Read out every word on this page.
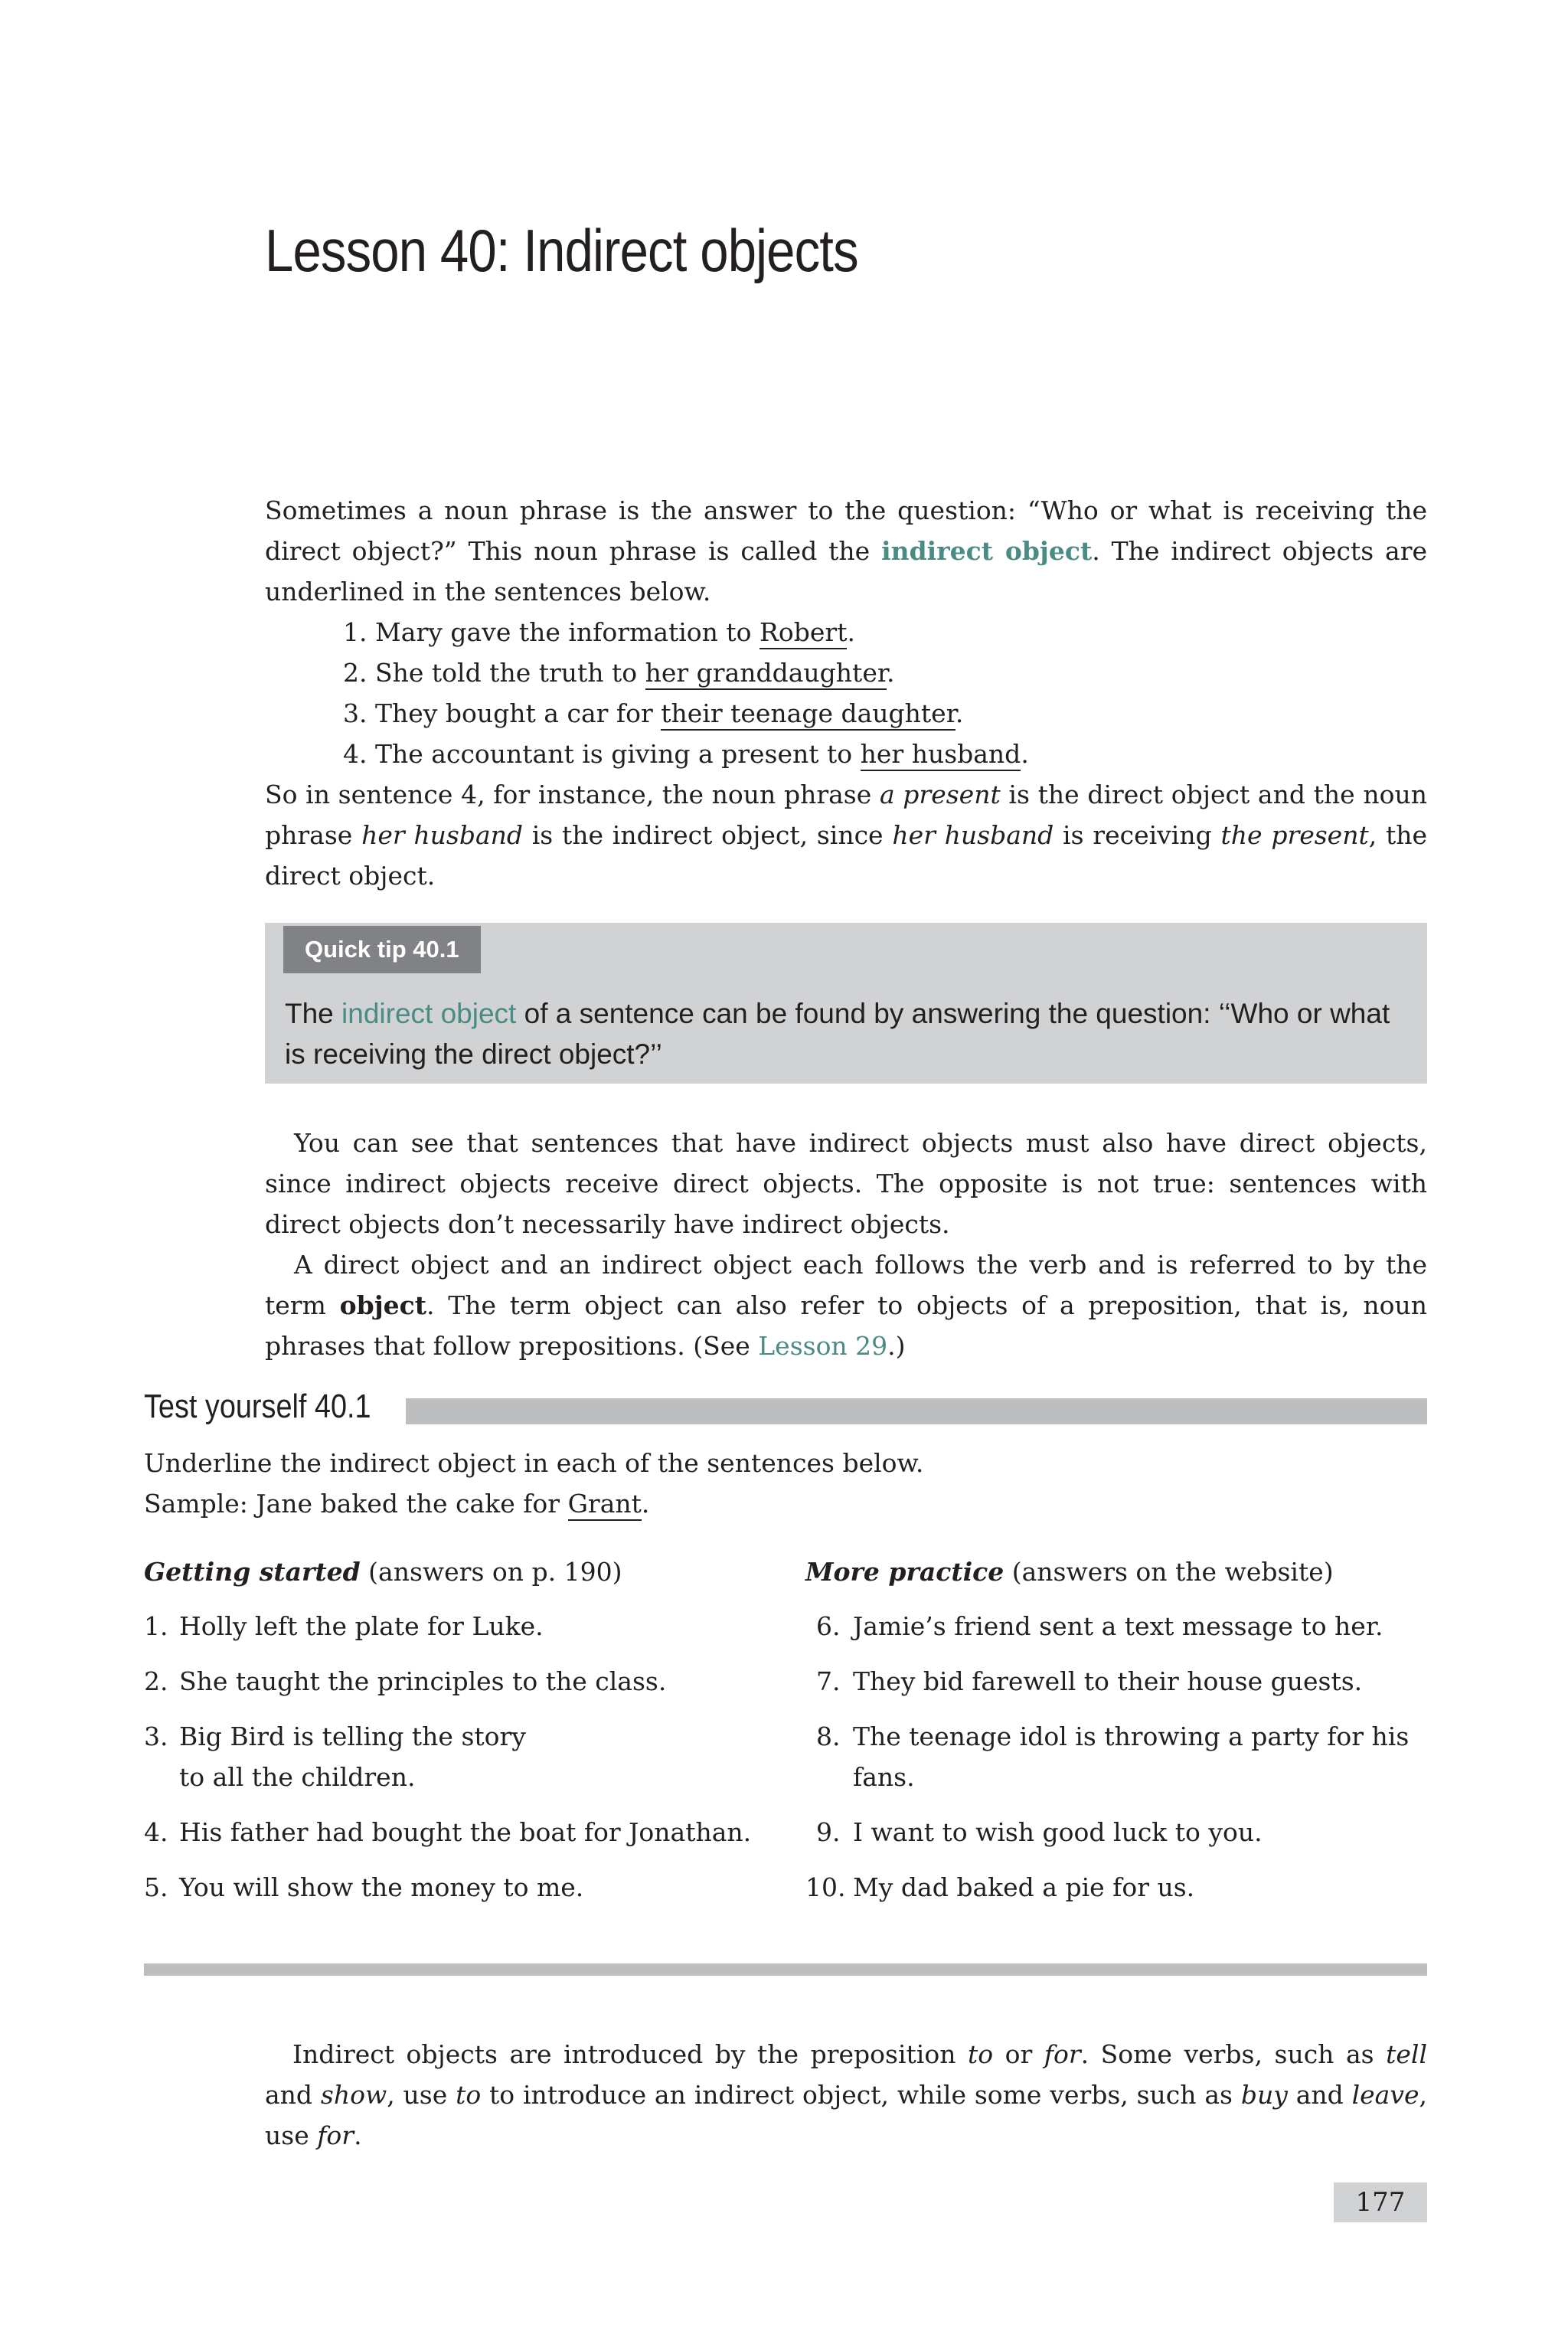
Lesson 40: Indirect objects

Sometimes a noun phrase is the answer to the question: “Who or what is receiving the direct object?” This noun phrase is called the indirect object. The indirect objects are underlined in the sentences below.

1. Mary gave the information to Robert.
2. She told the truth to her granddaughter.
3. They bought a car for their teenage daughter.
4. The accountant is giving a present to her husband.

So in sentence 4, for instance, the noun phrase a present is the direct object and the noun phrase her husband is the indirect object, since her husband is receiving the present, the direct object.

Quick tip 40.1
The indirect object of a sentence can be found by answering the question: ‘‘Who or what is receiving the direct object?’’

You can see that sentences that have indirect objects must also have direct objects, since indirect objects receive direct objects. The opposite is not true: sentences with direct objects don’t necessarily have indirect objects.

A direct object and an indirect object each follows the verb and is referred to by the term object. The term object can also refer to objects of a preposition, that is, noun phrases that follow prepositions. (See Lesson 29.)

Test yourself 40.1

Underline the indirect object in each of the sentences below.

Sample: Jane baked the cake for Grant.

Getting started (answers on p. 190)

1. Holly left the plate for Luke.
2. She taught the principles to the class.
3. Big Bird is telling the story to all the children.
4. His father had bought the boat for Jonathan.
5. You will show the money to me.

More practice (answers on the website)

6. Jamie’s friend sent a text message to her.
7. They bid farewell to their house guests.
8. The teenage idol is throwing a party for his fans.
9. I want to wish good luck to you.
10. My dad baked a pie for us.

Indirect objects are introduced by the preposition to or for. Some verbs, such as tell and show, use to to introduce an indirect object, while some verbs, such as buy and leave, use for.

177
